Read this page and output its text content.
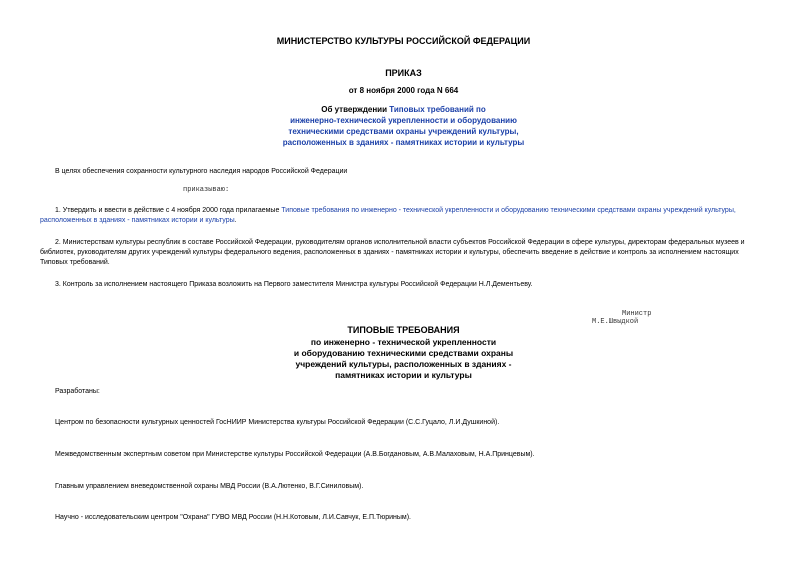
МИНИСТЕРСТВО КУЛЬТУРЫ РОССИЙСКОЙ ФЕДЕРАЦИИ
ПРИКАЗ
от 8 ноября 2000 года N 664
Об утверждении Типовых требований по
инженерно-технической укрепленности и оборудованию
техническими средствами охраны учреждений культуры,
расположенных в зданиях - памятниках истории и культуры
В целях обеспечения сохранности культурного наследия народов Российской Федерации
приказываю:
1. Утвердить и ввести в действие с 4 ноября 2000 года прилагаемые Типовые требования по инженерно - технической укрепленности и оборудованию техническими средствами охраны учреждений культуры,
расположенных в зданиях - памятниках истории и культуры.
2. Министерствам культуры республик в составе Российской Федерации, руководителям органов исполнительной власти субъектов Российской Федерации в сфере культуры, директорам федеральных музеев и
библиотек, руководителям других учреждений культуры федерального ведения, расположенных в зданиях - памятниках истории и культуры, обеспечить введение в действие и контроль за исполнением настоящих
Типовых требований.
3. Контроль за исполнением настоящего Приказа возложить на Первого заместителя Министра культуры Российской Федерации Н.Л.Дементьеву.
Министр
М.Е.Швыдкой
ТИПОВЫЕ ТРЕБОВАНИЯ
по инженерно - технической укрепленности
и оборудованию техническими средствами охраны
учреждений культуры, расположенных в зданиях -
памятниках истории и культуры
Разработаны:
Центром по безопасности культурных ценностей ГосНИИР Министерства культуры Российской Федерации (С.С.Гуцало, Л.И.Душкиной).
Межведомственным экспертным советом при Министерстве культуры Российской Федерации (А.В.Богдановым, А.В.Малаховым, Н.А.Принцевым).
Главным управлением вневедомственной охраны МВД России (В.А.Лютенко, В.Г.Синиловым).
Научно - исследовательским центром "Охрана" ГУВО МВД России (Н.Н.Котовым, Л.И.Савчук, Е.П.Тюриным).
